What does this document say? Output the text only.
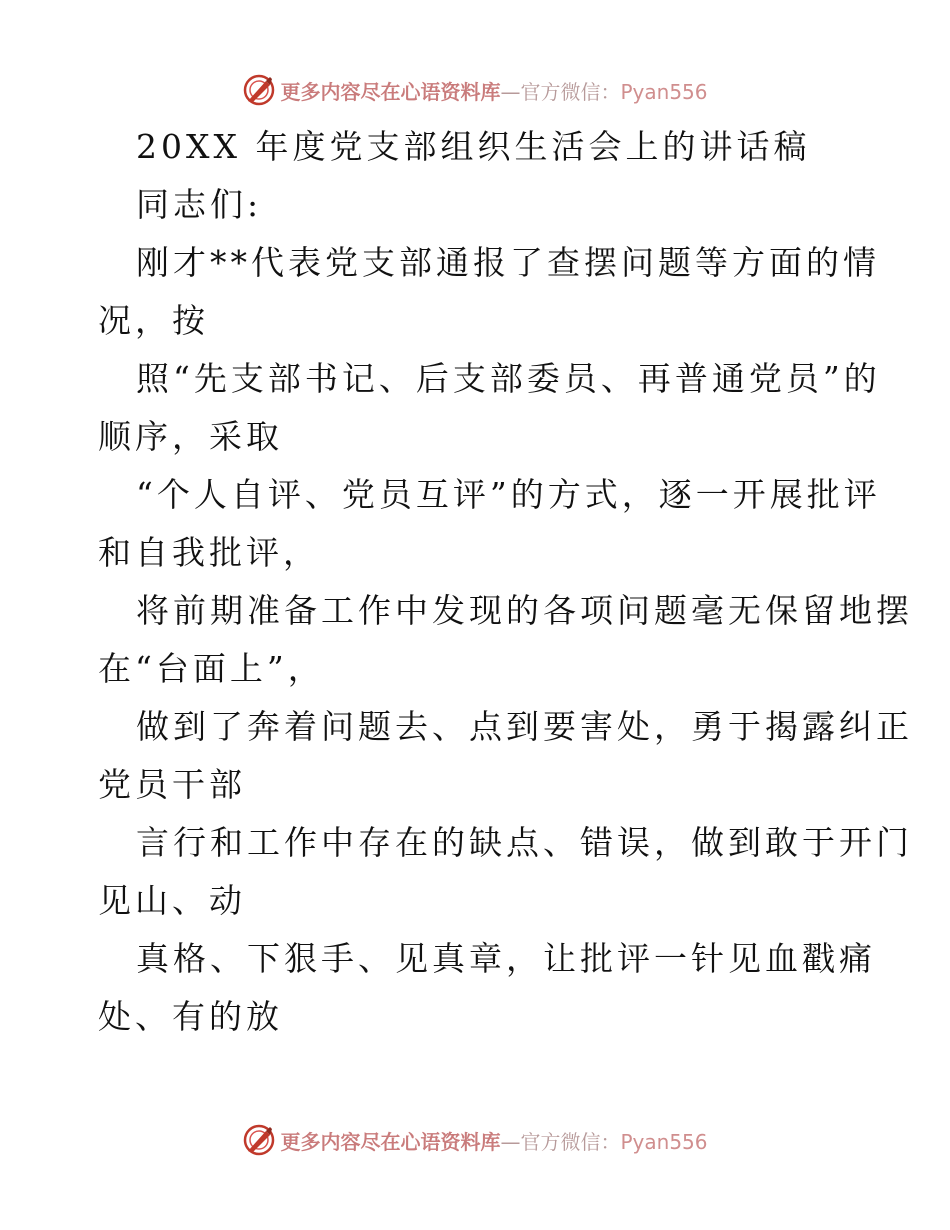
更多内容尽在心语资料库—官方微信：Pyan556
20XX 年度党支部组织生活会上的讲话稿
同志们:
刚才**代表党支部通报了查摆问题等方面的情
况，按
照“先支部书记、后支部委员、再普通党员”的
顺序，采取
“个人自评、党员互评”的方式，逐一开展批评
和自我批评，
将前期准备工作中发现的各项问题毫无保留地摆
在“台面上”，
做到了奔着问题去、点到要害处，勇于揭露纠正
党员干部
言行和工作中存在的缺点、错误，做到敢于开门
见山、动
真格、下狠手、见真章，让批评一针见血戳痛
处、有的放
更多内容尽在心语资料库—官方微信：Pyan556
